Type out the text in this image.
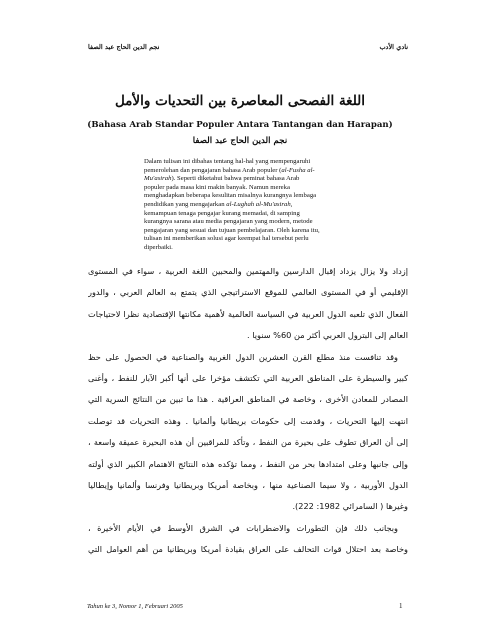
نجم الدين الحاج عبد الصفا	نادي الأدب
اللغة الفصحى المعاصرة بين التحديات والأمل
(Bahasa Arab Standar Populer Antara Tantangan dan Harapan)
نجم الدين الحاج عبد الصفا
Dalam tulisan ini dibahas tentang hal-hal yang mempengaruhi
pemerolehan dan pengajaran bahasa Arab populer (al-Fusha al-
Mu'asirah). Seperti diketahui bahwa peminat bahasa Arab
populer pada masa kini makin banyak. Namun mereka
menghadapkan beberapa kesulitan misalnya kurangnya lembaga
pendidikan yang mengajarkan al-Lughah al-Mu'asirah,
kemampuan tenaga pengajar kurang memadai, di samping
kurangnya sarana atau media pengajaran yang modern, metode
pengajaran yang sesuai dan tujuan pembelajaran. Oleh karena itu,
tulisan ini memberikan solusi agar keempat hal tersebut perlu
diperbaiki.
إزداد ولا يزال يزداد إقبال الدارسين والمهتمين والمحبين اللغة العربية ، سواء في المستوى
الإقليمي أو في المستوى العالمي للموقع الاستراتيجي الذي يتمتع به العالم العربي ، والدور
الفعال الذي تلعبه الدول العربية في السياسة العالمية لأهمية مكانتها الإقتصادية نظرا لاحتياجات
العالم إلى البترول العربي أكثر من 60% سنويا .
وقد تنافست منذ مطلع القرن العشرين الدول الغربية والصناعية في الحصول على حظ
كبير والسيطرة على المناطق العربية التي تكتشف مؤخرا على أنها أكبر الآبار للنفط ، وأغنى
المصادر للمعادن الأخرى ، وخاصة في المناطق العراقية . هذا ما تبين من النتائج السرية التي
انتهت إليها التحريات ، وقدمت إلى حكومات بريطانيا وألمانيا . وهذه التحريات قد توصلت
إلى أن العراق تطوف على بحيرة من النفط ، وتأكد للمراقبين أن هذه البحيرة عميقة واسعة ،
وإلى جانبها وعلى امتدادها بحر من النفط ، ومما تؤكده هذه النتائج الاهتمام الكبير الذي أولته
الدول الأوربية ، ولا سيما الصناعية منها ، وبخاصة أمريكا وبريطانيا وفرنسا وألمانيا وإيطاليا
وغيرها ( السامرائي 1982: 222).
وبجانب ذلك فإن التطورات والاضطرابات في الشرق الأوسط في الأيام الأخيرة ،
وخاصة بعد احتلال قوات التحالف على العراق بقيادة أمريكا وبريطانيا من أهم العوامل التي
Tahun ke 3, Nomor 1, Februari 2005	1
